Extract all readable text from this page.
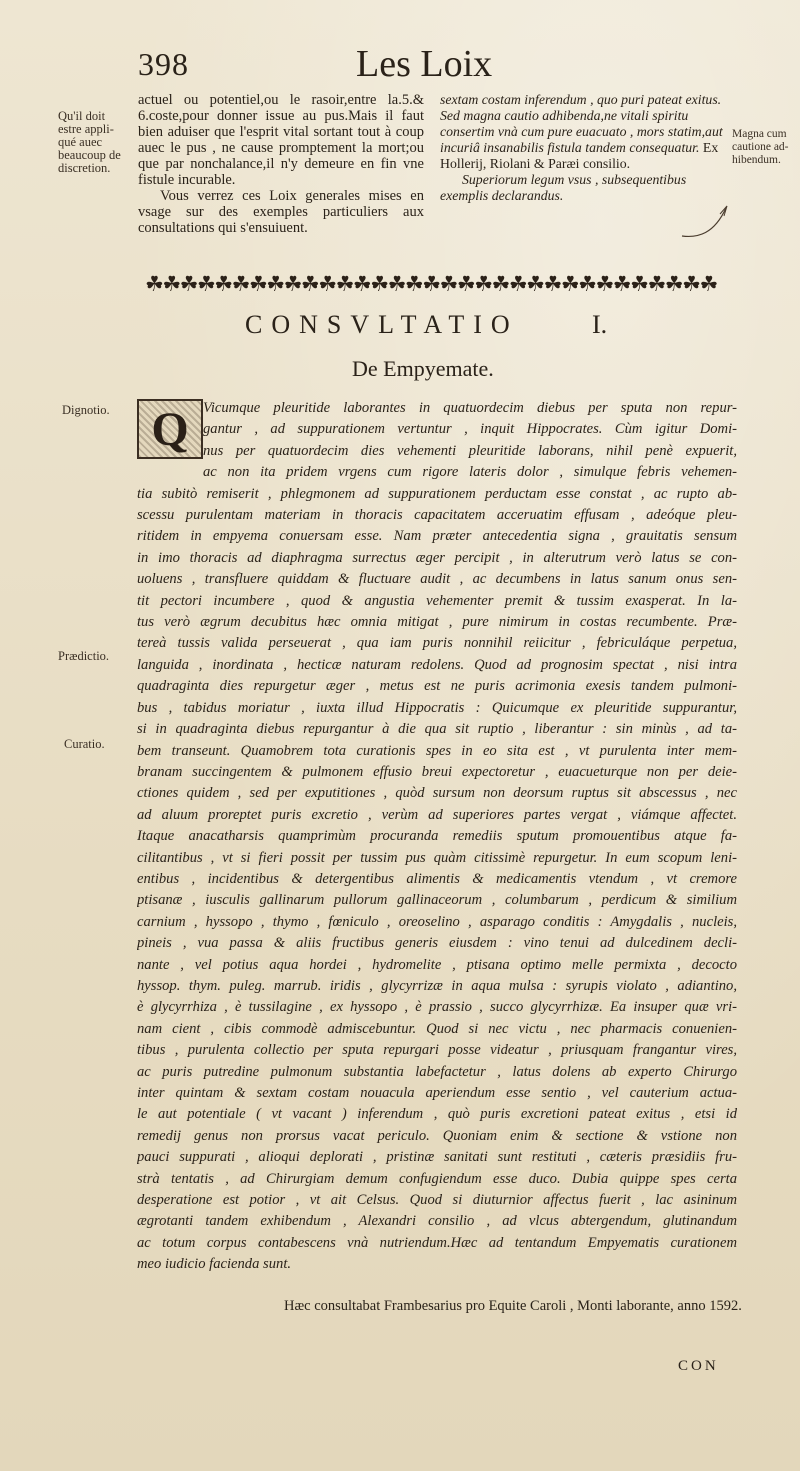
398	Les Loix
Qu'il doit
estre appli-
qué auec
beaucoup de
discretion.
Magna cum
cautione ad-
hibendum.

actuel ou potentiel,ou le rasoir,entre la.5.& 6.coste,pour donner issue au pus.Mais il faut bien aduiser que l'esprit vital sortant tout à coup auec le pus , ne cause promptement la mort;ou que par nonchalance,il n'y demeure en fin vne fistule incurable.

Vous verrez ces Loix generales mises en vsage sur des exemples particuliers aux consultations qui s'ensuiuent.

sextam costam inferendum , quo puri pateat exitus. Sed magna cautio adhibenda,ne vitali spiritu consertim vnà cum pure euacuato , mors statim,aut incuriâ insanabilis fistula tandem consequatur. Ex Hollerij, Riolani & Paræi consilio.

Superiorum legum vsus , subsequentibus exemplis declarandus.

☘☘☘☘☘☘☘☘☘☘☘☘☘☘☘☘☘☘☘☘☘☘☘☘☘☘☘☘☘☘☘☘☘
CONSVLTATIO	I.
De Empyemate.
Dignotio.
Prædictio.
Curatio.
Q Vicumque pleuritide laborantes in quatuordecim diebus per sputa non repur-
gantur , ad suppurationem vertuntur , inquit Hippocrates. Cùm igitur Domi-
nus per quatuordecim dies vehementi pleuritide laborans, nihil penè expuerit,
ac non ita pridem vrgens cum rigore lateris dolor , simulque febris vehemen-
tia subitò remiserit , phlegmonem ad suppurationem perductam esse constat , ac rupto ab-
scessu purulentam materiam in thoracis capacitatem acceruatim effusam , adeóque pleu-
ritidem in empyema conuersam esse. Nam præter antecedentia signa , grauitatis sensum
in imo thoracis ad diaphragma surrectus æger percipit , in alterutrum verò latus se con-
uoluens , transfluere quiddam & fluctuare audit , ac decumbens in latus sanum onus sen-
tit pectori incumbere , quod & angustia vehementer premit & tussim exasperat. In la-
tus verò ægrum decubitus hæc omnia mitigat , pure nimirum in costas recumbente. Præ-
tereà tussis valida perseuerat , qua iam puris nonnihil reiicitur , febriculáque perpetua,
languida , inordinata , hecticæ naturam redolens. Quod ad prognosim spectat , nisi intra
quadraginta dies repurgetur æger , metus est ne puris acrimonia exesis tandem pulmoni-
bus , tabidus moriatur , iuxta illud Hippocratis : Quicumque ex pleuritide suppurantur,
si in quadraginta diebus repurgantur à die qua sit ruptio , liberantur : sin minùs , ad ta-
bem transeunt. Quamobrem tota curationis spes in eo sita est , vt purulenta inter mem-
branam succingentem & pulmonem effusio breui expectoretur , euacueturque non per deie-
ctiones quidem , sed per exputitiones , quòd sursum non deorsum ruptus sit abscessus , nec
ad aluum proreptet puris excretio , verùm ad superiores partes vergat , viámque affectet.
Itaque anacatharsis quamprimùm procuranda remediis sputum promouentibus atque fa-
cilitantibus , vt si fieri possit per tussim pus quàm citissimè repurgetur. In eum scopum leni-
entibus , incidentibus & detergentibus alimentis & medicamentis vtendum , vt cremore
ptisanæ , iusculis gallinarum pullorum gallinaceorum , columbarum , perdicum & similium
carnium , hyssopo , thymo , fœniculo , oreoselino , asparago conditis : Amygdalis , nucleis,
pineis , vua passa & aliis fructibus generis eiusdem : vino tenui ad dulcedinem decli-
nante , vel potius aqua hordei , hydromelite , ptisana optimo melle permixta , decocto
hyssop. thym. puleg. marrub. iridis , glycyrrizæ in aqua mulsa : syrupis violato , adiantino,
è glycyrrhiza , è tussilagine , ex hyssopo , è prassio , succo glycyrrhizæ. Ea insuper quæ vri-
nam cient , cibis commodè admiscebuntur. Quod si nec victu , nec pharmacis conuenien-
tibus , purulenta collectio per sputa repurgari posse videatur , priusquam frangantur vires,
ac puris putredine pulmonum substantia labefactetur , latus dolens ab experto Chirurgo
inter quintam & sextam costam nouacula aperiendum esse sentio , vel cauterium actua-
le aut potentiale ( vt vacant ) inferendum , quò puris excretioni pateat exitus , etsi id
remedij genus non prorsus vacat periculo. Quoniam enim & sectione & vstione non
pauci suppurati , alioqui deplorati , pristinæ sanitati sunt restituti , cæteris præsidiis fru-
strà tentatis , ad Chirurgiam demum confugiendum esse duco. Dubia quippe spes certa
desperatione est potior , vt ait Celsus. Quod si diuturnior affectus fuerit , lac asininum
ægrotanti tandem exhibendum , Alexandri consilio , ad vlcus abtergendum, glutinandum
ac totum corpus contabescens vnà nutriendum.Hæc ad tentandum Empyematis curationem
meo iudicio facienda sunt.
Hæc consultabat Frambesarius pro Equite Caroli , Monti laborante, anno 1592.
CON
